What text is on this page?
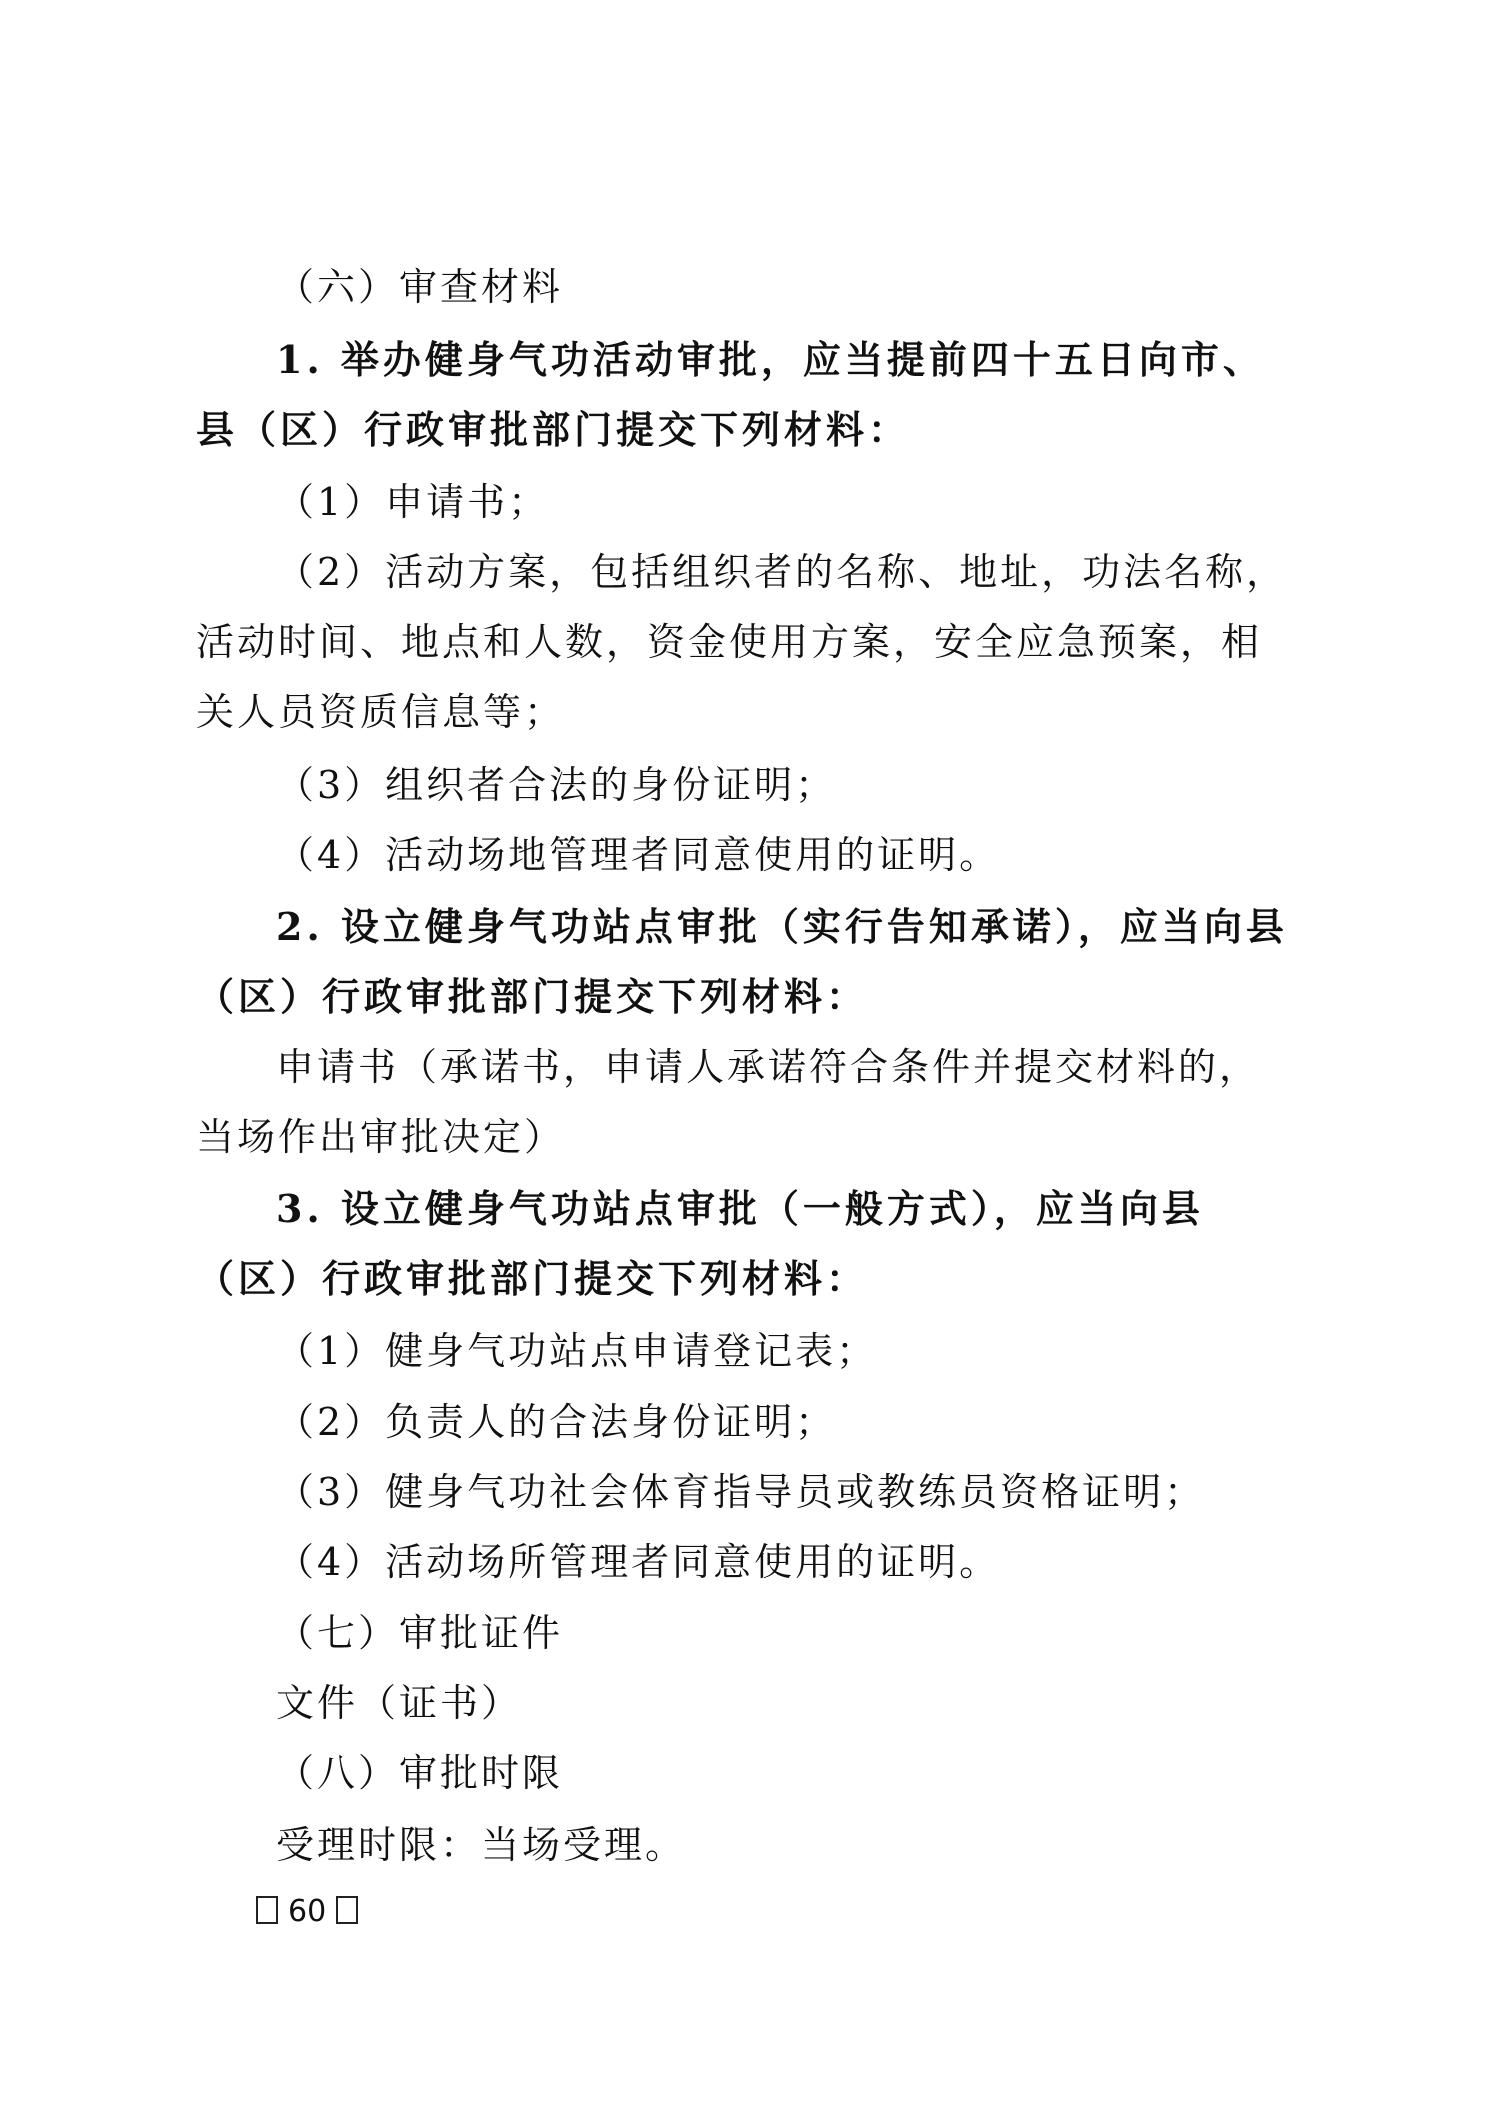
（六）审查材料
1. 举办健身气功活动审批，应当提前四十五日向市、县（区）行政审批部门提交下列材料：
（1）申请书；
（2）活动方案，包括组织者的名称、地址，功法名称，活动时间、地点和人数，资金使用方案，安全应急预案，相关人员资质信息等；
（3）组织者合法的身份证明；
（4）活动场地管理者同意使用的证明。
2. 设立健身气功站点审批（实行告知承诺），应当向县（区）行政审批部门提交下列材料：
申请书（承诺书，申请人承诺符合条件并提交材料的，当场作出审批决定）
3. 设立健身气功站点审批（一般方式），应当向县（区）行政审批部门提交下列材料：
（1）健身气功站点申请登记表；
（2）负责人的合法身份证明；
（3）健身气功社会体育指导员或教练员资格证明；
（4）活动场所管理者同意使用的证明。
（七）审批证件
文件（证书）
（八）审批时限
受理时限：当场受理。
60
